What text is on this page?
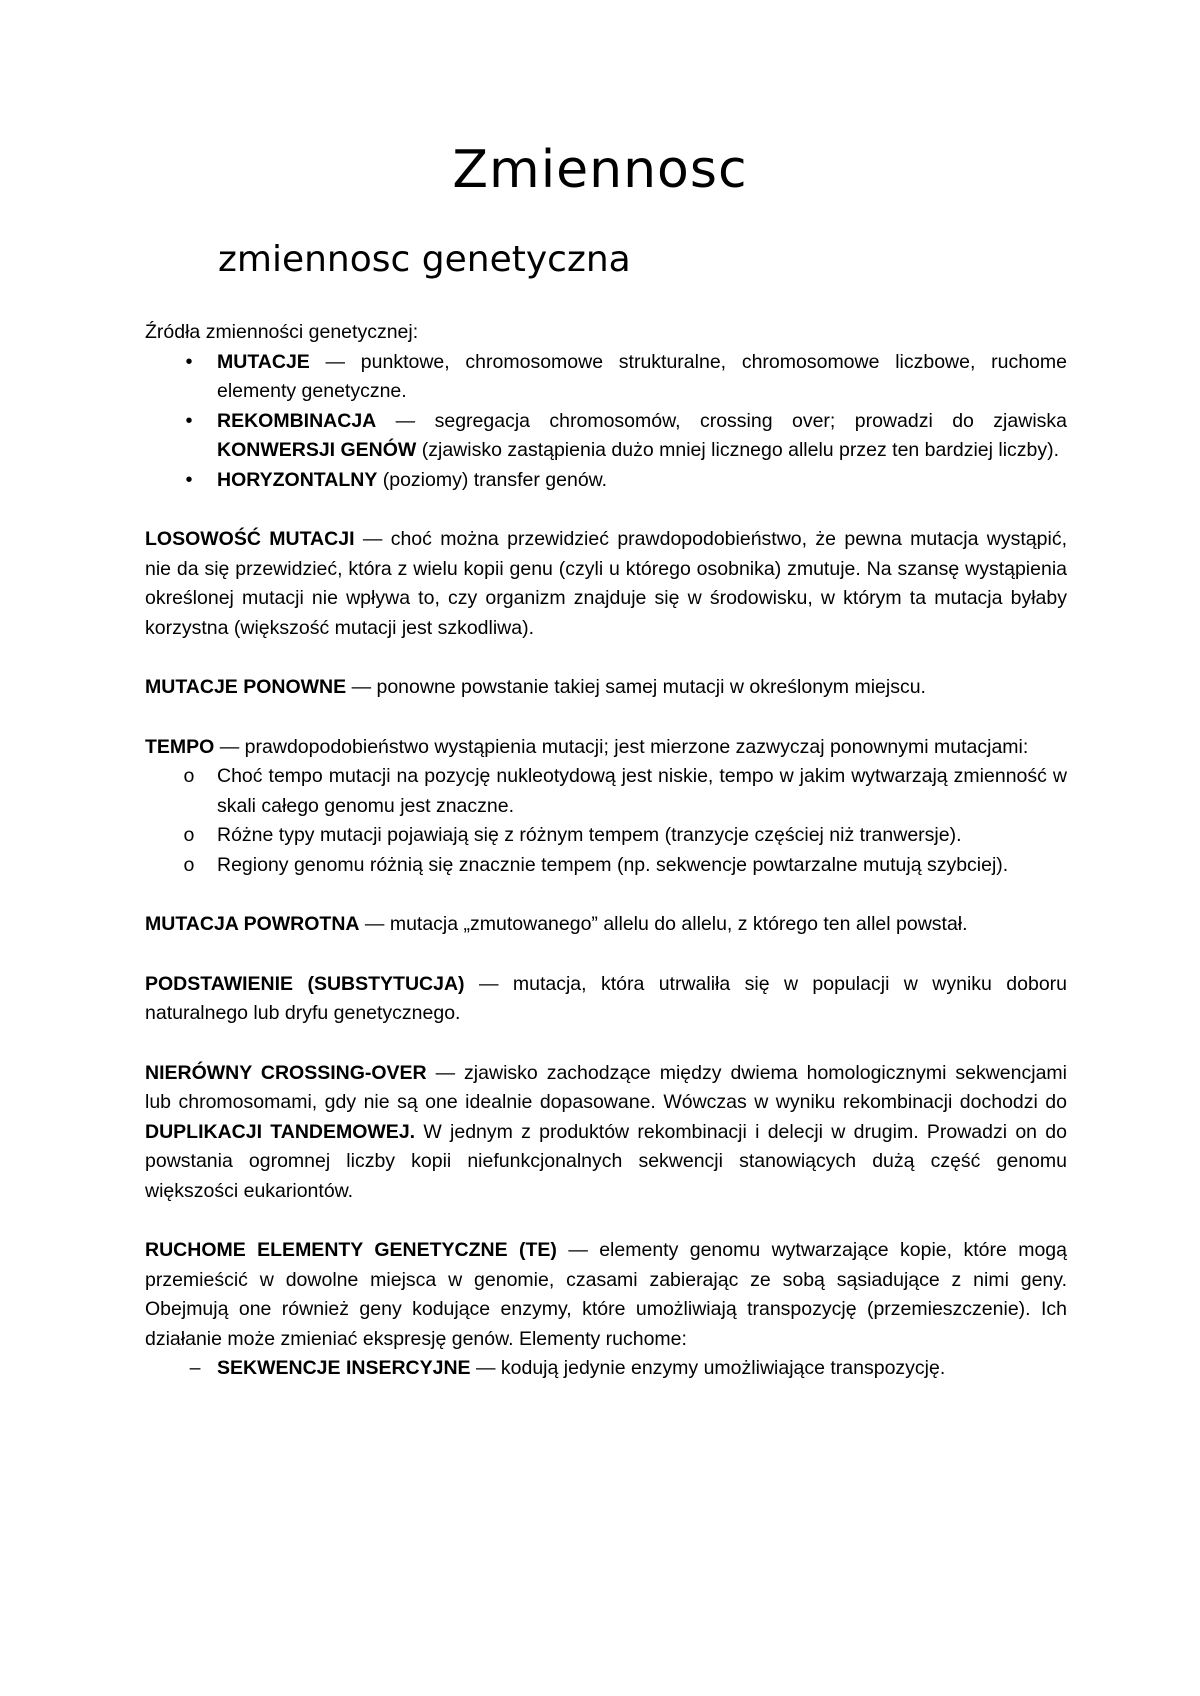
Zmiennosc
zmiennosc genetyczna

Źródła zmienności genetycznej:

•
MUTACJE — punktowe, chromosomowe strukturalne, chromosomowe liczbowe, ruchome elementy genetyczne.
•
REKOMBINACJA — segregacja chromosomów, crossing over; prowadzi do zjawiska KONWERSJI GENÓW (zjawisko zastąpienia dużo mniej licznego allelu przez ten bardziej liczby).
•
HORYZONTALNY (poziomy) transfer genów.

LOSOWOŚĆ MUTACJI — choć można przewidzieć prawdopodobieństwo, że pewna mutacja wystąpić, nie da się przewidzieć, która z wielu kopii genu (czyli u którego osobnika) zmutuje. Na szansę wystąpienia określonej mutacji nie wpływa to, czy organizm znajduje się w środowisku, w którym ta mutacja byłaby korzystna (większość mutacji jest szkodliwa).

MUTACJE PONOWNE — ponowne powstanie takiej samej mutacji w określonym miejscu.

TEMPO — prawdopodobieństwo wystąpienia mutacji; jest mierzone zazwyczaj ponownymi mutacjami:

o
Choć tempo mutacji na pozycję nukleotydową jest niskie, tempo w jakim wytwarzają zmienność w skali całego genomu jest znaczne.
o
Różne typy mutacji pojawiają się z różnym tempem (tranzycje częściej niż tranwersje).
o
Regiony genomu różnią się znacznie tempem (np. sekwencje powtarzalne mutują szybciej).

MUTACJA POWROTNA — mutacja „zmutowanego” allelu do allelu, z którego ten allel powstał.

PODSTAWIENIE (SUBSTYTUCJA) — mutacja, która utrwaliła się w populacji w wyniku doboru naturalnego lub dryfu genetycznego.

NIERÓWNY CROSSING-OVER — zjawisko zachodzące między dwiema homologicznymi sekwencjami lub chromosomami, gdy nie są one idealnie dopasowane. Wówczas w wyniku rekombinacji dochodzi do DUPLIKACJI TANDEMOWEJ. W jednym z produktów rekombinacji i delecji w drugim. Prowadzi on do powstania ogromnej liczby kopii niefunkcjonalnych sekwencji stanowiących dużą część genomu większości eukariontów.

RUCHOME ELEMENTY GENETYCZNE (TE) — elementy genomu wytwarzające kopie, które mogą przemieścić w dowolne miejsca w genomie, czasami zabierając ze sobą sąsiadujące z nimi geny. Obejmują one również geny kodujące enzymy, które umożliwiają transpozycję (przemieszczenie). Ich działanie może zmieniać ekspresję genów. Elementy ruchome:

–
SEKWENCJE INSERCYJNE — kodują jedynie enzymy umożliwiające transpozycję.
